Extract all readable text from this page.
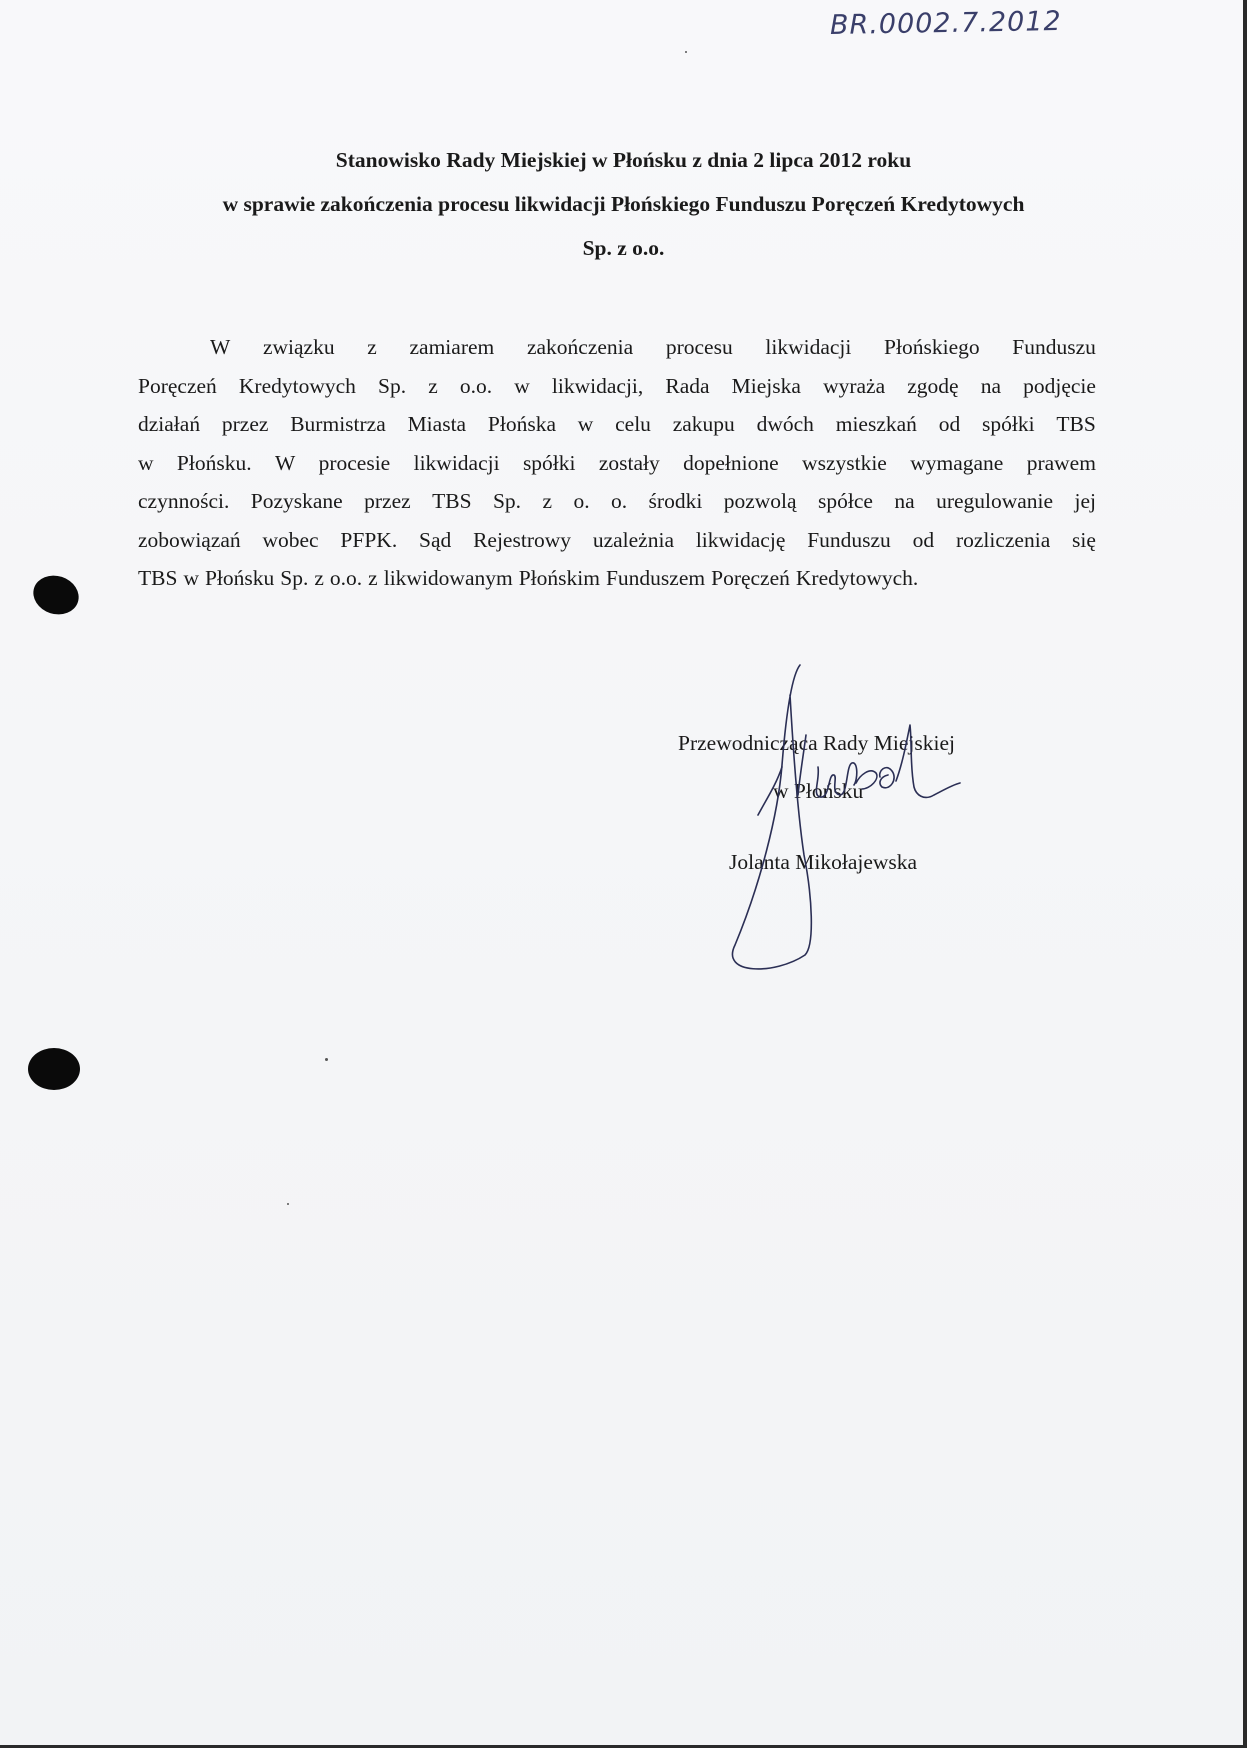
BR.0002.7.2012
Stanowisko Rady Miejskiej w Płońsku z dnia 2 lipca 2012 roku
w sprawie zakończenia procesu likwidacji Płońskiego Funduszu Poręczeń Kredytowych
Sp. z o.o.
W związku z zamiarem zakończenia procesu likwidacji Płońskiego Funduszu
Poręczeń Kredytowych Sp. z o.o. w likwidacji, Rada Miejska wyraża zgodę na podjęcie
działań przez Burmistrza Miasta Płońska w celu zakupu dwóch mieszkań od spółki TBS
w Płońsku. W procesie likwidacji spółki zostały dopełnione wszystkie wymagane prawem
czynności. Pozyskane przez TBS Sp. z o. o. środki pozwolą spółce na uregulowanie jej
zobowiązań wobec PFPK. Sąd Rejestrowy uzależnia likwidację Funduszu od rozliczenia się
TBS w Płońsku Sp. z o.o. z likwidowanym Płońskim Funduszem Poręczeń Kredytowych.
Przewodnicząca Rady Miejskiej
w Płońsku
Jolanta Mikołajewska
